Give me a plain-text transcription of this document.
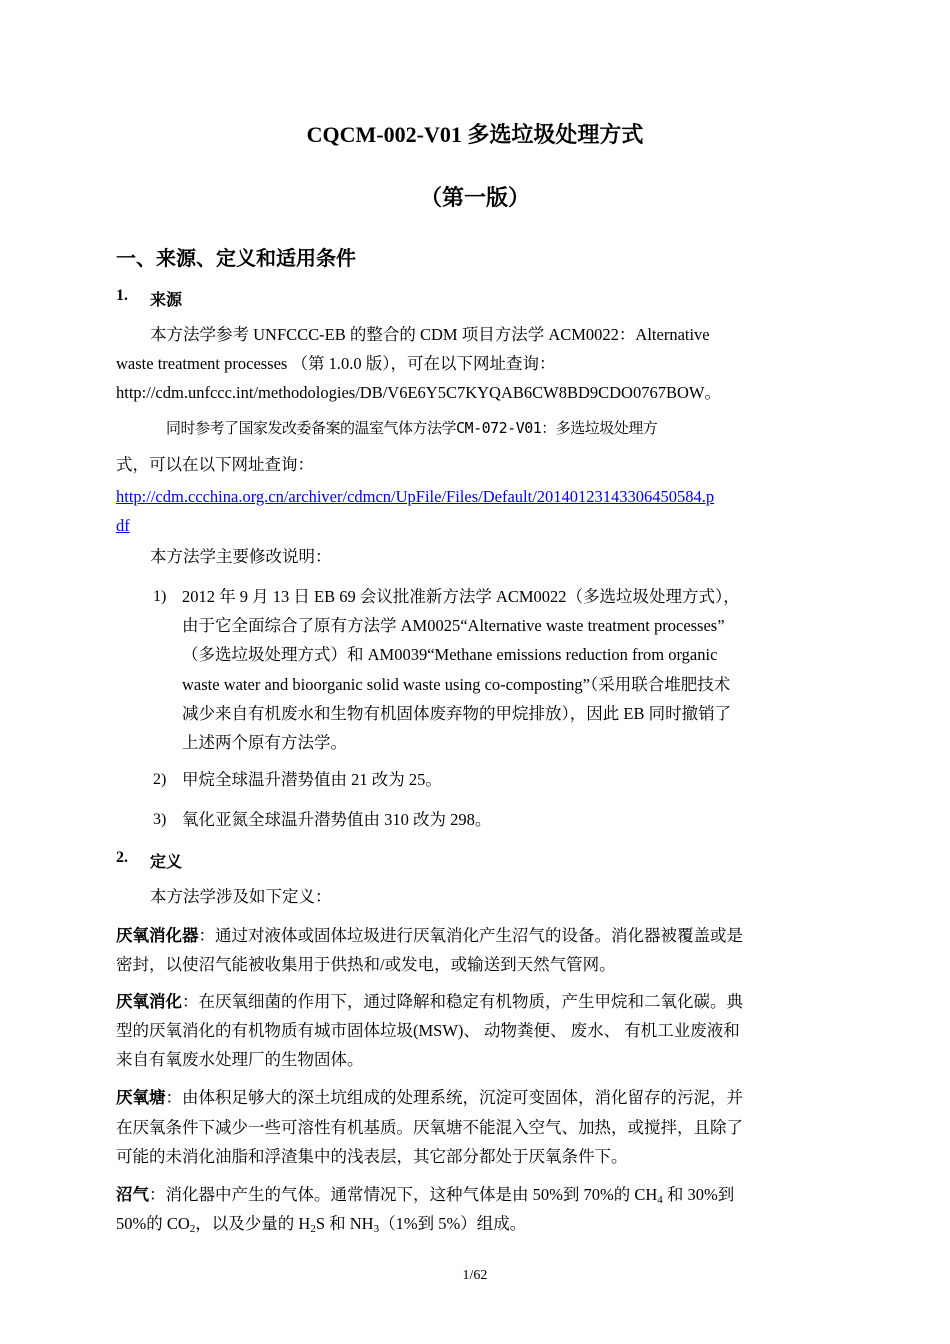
CQCM-002-V01 多选垃圾处理方式
（第一版）
一、来源、定义和适用条件
1. 来源
本方法学参考 UNFCCC-EB 的整合的 CDM 项目方法学 ACM0022：Alternative
waste treatment processes （第 1.0.0 版），可在以下网址查询：
http://cdm.unfccc.int/methodologies/DB/V6E6Y5C7KYQAB6CW8BD9CDO0767BOW。
同时参考了国家发改委备案的温室气体方法学CM-072-V01：多选垃圾处理方
式，可以在以下网址查询：
http://cdm.ccchina.org.cn/archiver/cdmcn/UpFile/Files/Default/20140123143306450584.p
df
本方法学主要修改说明：
1) 2012 年 9 月 13 日 EB 69 会议批准新方法学 ACM0022（多选垃圾处理方式），
由于它全面综合了原有方法学 AM0025“Alternative waste treatment processes”
（多选垃圾处理方式）和 AM0039“Methane emissions reduction from organic
waste water and bioorganic solid waste using co-composting”（采用联合堆肥技术
减少来自有机废水和生物有机固体废弃物的甲烷排放），因此 EB 同时撤销了
上述两个原有方法学。
2) 甲烷全球温升潜势值由 21 改为 25。
3) 氧化亚氮全球温升潜势值由 310 改为 298。
2. 定义
本方法学涉及如下定义：
厌氧消化器：通过对液体或固体垃圾进行厌氧消化产生沼气的设备。消化器被覆盖或是
密封，以使沼气能被收集用于供热和/或发电，或输送到天然气管网。
厌氧消化：在厌氧细菌的作用下，通过降解和稳定有机物质，产生甲烷和二氧化碳。典
型的厌氧消化的有机物质有城市固体垃圾(MSW)、 动物粪便、 废水、 有机工业废液和
来自有氧废水处理厂的生物固体。
厌氧塘：由体积足够大的深土坑组成的处理系统，沉淀可变固体，消化留存的污泥，并
在厌氧条件下减少一些可溶性有机基质。厌氧塘不能混入空气、加热，或搅拌，且除了
可能的未消化油脂和浮渣集中的浅表层，其它部分都处于厌氧条件下。
沼气：消化器中产生的气体。通常情况下，这种气体是由 50%到 70%的 $CH_4$ 和 30%到
50%的 $CO_2$，以及少量的 $H_2S$ 和 $NH_3(1\%$到 5%）组成。
1/62
